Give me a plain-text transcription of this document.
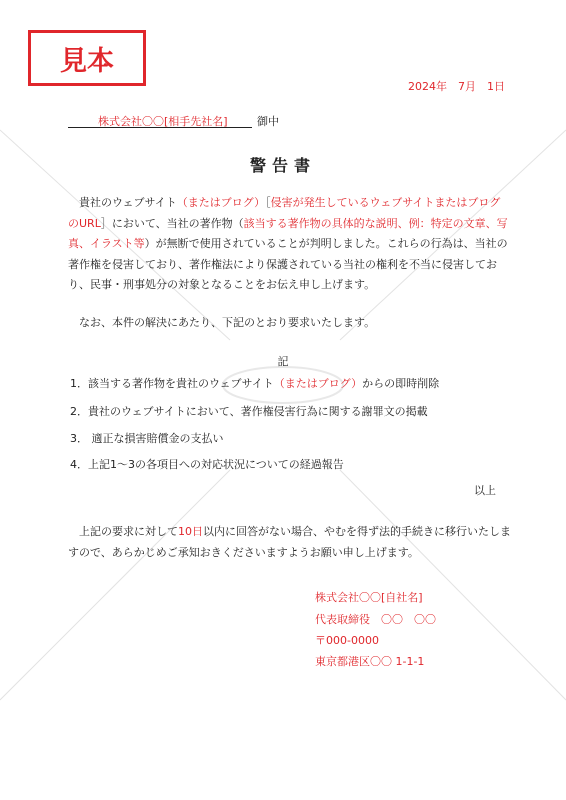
見本
2024年　7月　1日
株式会社〇〇[相手先社名]	御中
警告書
　貴社のウェブサイト（またはブログ）［侵害が発生しているウェブサイトまたはブログ
のURL］において、当社の著作物（該当する著作物の具体的な説明、例：特定の文章、写
真、イラスト等）が無断で使用されていることが判明しました。これらの行為は、当社の
著作権を侵害しており、著作権法により保護されている当社の権利を不当に侵害してお
り、民事・刑事処分の対象となることをお伝え申し上げます。
　なお、本件の解決にあたり、下記のとおり要求いたします。
記
1．該当する著作物を貴社のウェブサイト（またはブログ）からの即時削除
2．貴社のウェブサイトにおいて、著作権侵害行為に関する謝罪文の掲載
3． 適正な損害賠償金の支払い
4．上記1～3の各項目への対応状況についての経過報告
以上
　上記の要求に対して10日以内に回答がない場合、やむを得ず法的手続きに移行いたしま
すので、あらかじめご承知おきくださいますようお願い申し上げます。
株式会社〇〇[自社名]
代表取締役　〇〇　〇〇
〒000-0000
東京都港区〇〇 1-1-1
